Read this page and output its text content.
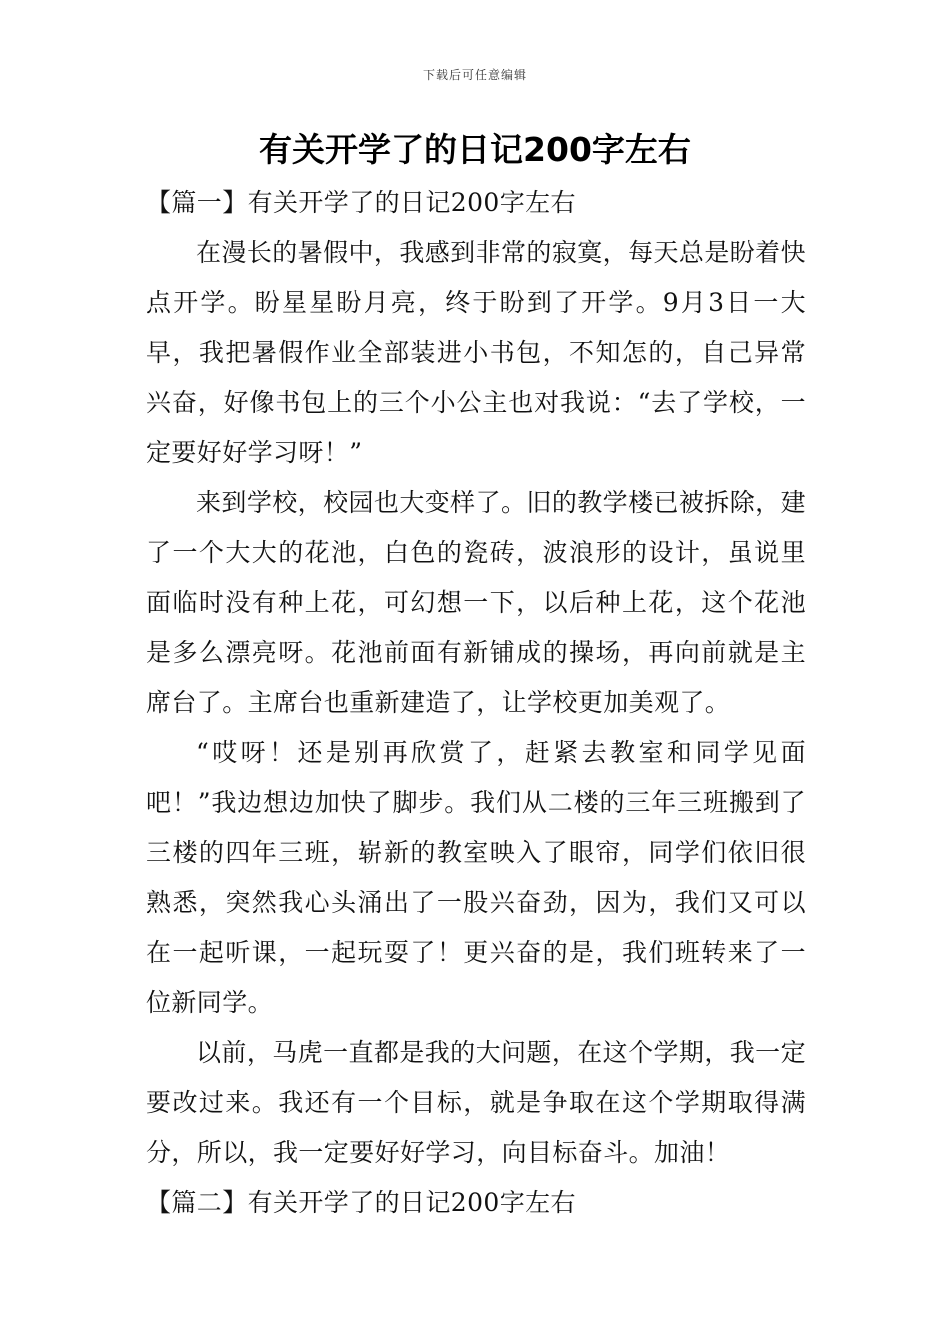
下载后可任意编辑
有关开学了的日记200字左右

【篇一】有关开学了的日记200字左右

在漫长的暑假中，我感到非常的寂寞，每天总是盼着快点开学。盼星星盼月亮，终于盼到了开学。9月3日一大早，我把暑假作业全部装进小书包，不知怎的，自己异常兴奋，好像书包上的三个小公主也对我说：“去了学校，一定要好好学习呀！”

来到学校，校园也大变样了。旧的教学楼已被拆除，建了一个大大的花池，白色的瓷砖，波浪形的设计，虽说里面临时没有种上花，可幻想一下，以后种上花，这个花池是多么漂亮呀。花池前面有新铺成的操场，再向前就是主席台了。主席台也重新建造了，让学校更加美观了。

“哎呀！还是别再欣赏了，赶紧去教室和同学见面吧！”我边想边加快了脚步。我们从二楼的三年三班搬到了三楼的四年三班，崭新的教室映入了眼帘，同学们依旧很熟悉，突然我心头涌出了一股兴奋劲，因为，我们又可以在一起听课，一起玩耍了！更兴奋的是，我们班转来了一位新同学。

以前，马虎一直都是我的大问题，在这个学期，我一定要改过来。我还有一个目标，就是争取在这个学期取得满分，所以，我一定要好好学习，向目标奋斗。加油！

【篇二】有关开学了的日记200字左右
